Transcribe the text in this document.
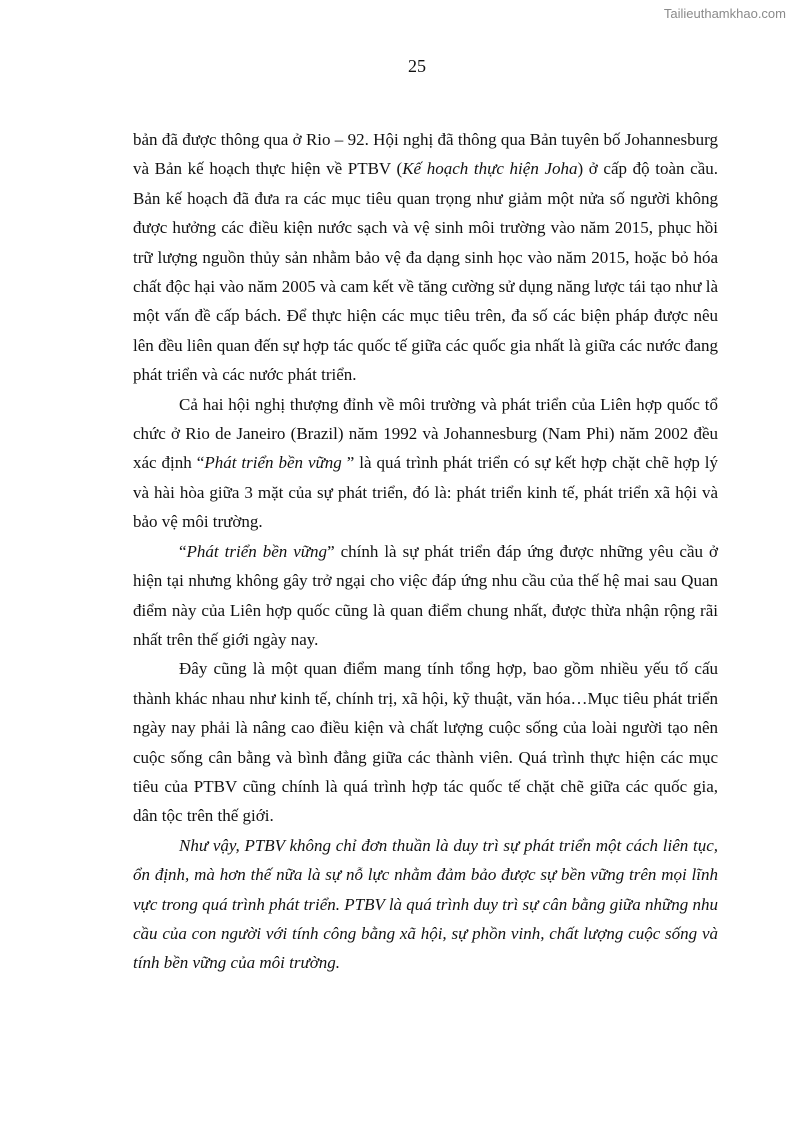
Tailieuthamkhao.com
25

bản đã được thông qua ở Rio – 92. Hội nghị đã thông qua Bản tuyên bố Johannesburg và Bản kế hoạch thực hiện về PTBV (Kế hoạch thực hiện Joha) ở cấp độ toàn cầu. Bản kế hoạch đã đưa ra các mục tiêu quan trọng như giảm một nửa số người không được hưởng các điều kiện nước sạch và vệ sinh môi trường vào năm 2015, phục hồi trữ lượng nguồn thủy sản nhằm bảo vệ đa dạng sinh học vào năm 2015, hoặc bỏ hóa chất độc hại vào năm 2005 và cam kết về tăng cường sử dụng năng lược tái tạo như là một vấn đề cấp bách. Để thực hiện các mục tiêu trên, đa số các biện pháp được nêu lên đều liên quan đến sự hợp tác quốc tế giữa các quốc gia nhất là giữa các nước đang phát triển và các nước phát triển.

Cả hai hội nghị thượng đỉnh về môi trường và phát triển của Liên hợp quốc tổ chức ở Rio de Janeiro (Brazil) năm 1992 và Johannesburg (Nam Phi) năm 2002 đều xác định “Phát triển bền vững ” là quá trình phát triển có sự kết hợp chặt chẽ hợp lý và hài hòa giữa 3 mặt của sự phát triển, đó là: phát triển kinh tế, phát triển xã hội và bảo vệ môi trường.

“Phát triển bền vững” chính là sự phát triển đáp ứng được những yêu cầu ở hiện tại nhưng không gây trở ngại cho việc đáp ứng nhu cầu của thế hệ mai sau Quan điểm này của Liên hợp quốc cũng là quan điểm chung nhất, được thừa nhận rộng rãi nhất trên thế giới ngày nay.

Đây cũng là một quan điểm mang tính tổng hợp, bao gồm nhiều yếu tố cấu thành khác nhau như kinh tế, chính trị, xã hội, kỹ thuật, văn hóa…Mục tiêu phát triển ngày nay phải là nâng cao điều kiện và chất lượng cuộc sống của loài người tạo nên cuộc sống cân bằng và bình đẳng giữa các thành viên. Quá trình thực hiện các mục tiêu của PTBV cũng chính là quá trình hợp tác quốc tế chặt chẽ giữa các quốc gia, dân tộc trên thế giới.

Như vậy, PTBV không chỉ đơn thuần là duy trì sự phát triển một cách liên tục, ổn định, mà hơn thế nữa là sự nỗ lực nhằm đảm bảo được sự bền vững trên mọi lĩnh vực trong quá trình phát triển. PTBV là quá trình duy trì sự cân bằng giữa những nhu cầu của con người với tính công bằng xã hội, sự phồn vinh, chất lượng cuộc sống và tính bền vững của môi trường.
